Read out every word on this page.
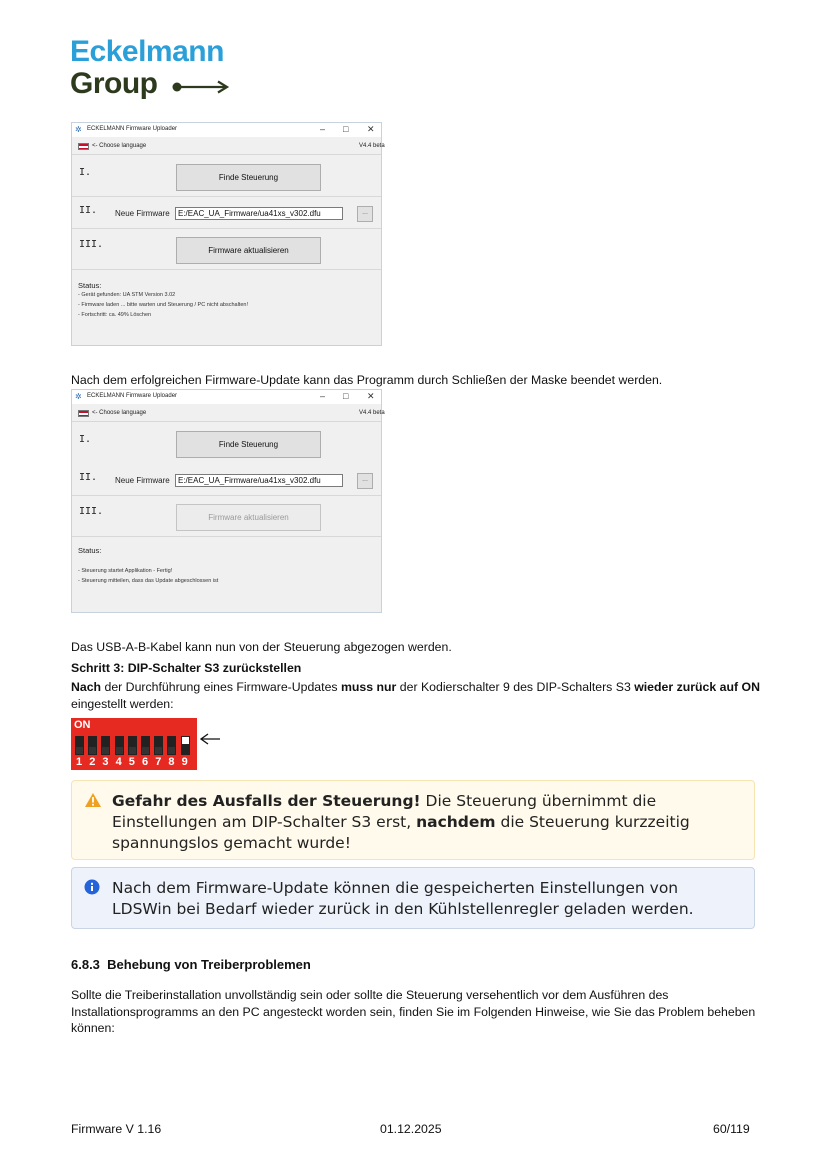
Eckelmann
Group
✲ ECKELMANN Firmware Uploader	– □ ✕
<- Choose language	V4.4 beta
I.	Finde Steuerung
II. Neue Firmware	E:/EAC_UA_Firmware/ua41xs_v302.dfu	...
III.
Firmware aktualisieren
Status:
- Gerät gefunden: UA STM Version 3.02
- Firmware laden ... bitte warten und Steuerung / PC nicht abschalten!
- Fortschritt: ca. 49% Löschen
Nach dem erfolgreichen Firmware-Update kann das Programm durch Schließen der Maske beendet werden.
✲ ECKELMANN Firmware Uploader	– □ ✕
<- Choose language	V4.4 beta
I.	Finde Steuerung
II. Neue Firmware	E:/EAC_UA_Firmware/ua41xs_v302.dfu	...
III.
Firmware aktualisieren
Status:
- Steuerung startet Applikation - Fertig!
- Steuerung mitteilen, dass das Update abgeschlossen ist
Das USB-A-B-Kabel kann nun von der Steuerung abgezogen werden.
Schritt 3: DIP-Schalter S3 zurückstellen
Nach der Durchführung eines Firmware-Updates muss nur der Kodierschalter 9 des DIP-Schalters S3 wieder zurück auf ON eingestellt werden:
ON
1 2 3 4 5 6 7 8 9
Gefahr des Ausfalls der Steuerung! Die Steuerung übernimmt die Einstellungen am DIP-Schalter S3 erst, nachdem die Steuerung kurzzeitig spannungslos gemacht wurde!
Nach dem Firmware-Update können die gespeicherten Einstellungen von LDSWin bei Bedarf wieder zurück in den Kühlstellenregler geladen werden.
6.8.3 Behebung von Treiberproblemen
Sollte die Treiberinstallation unvollständig sein oder sollte die Steuerung versehentlich vor dem Ausführen des Installationsprogramms an den PC angesteckt worden sein, finden Sie im Folgenden Hinweise, wie Sie das Problem beheben können:
Firmware V 1.16	01.12.2025	60/119
